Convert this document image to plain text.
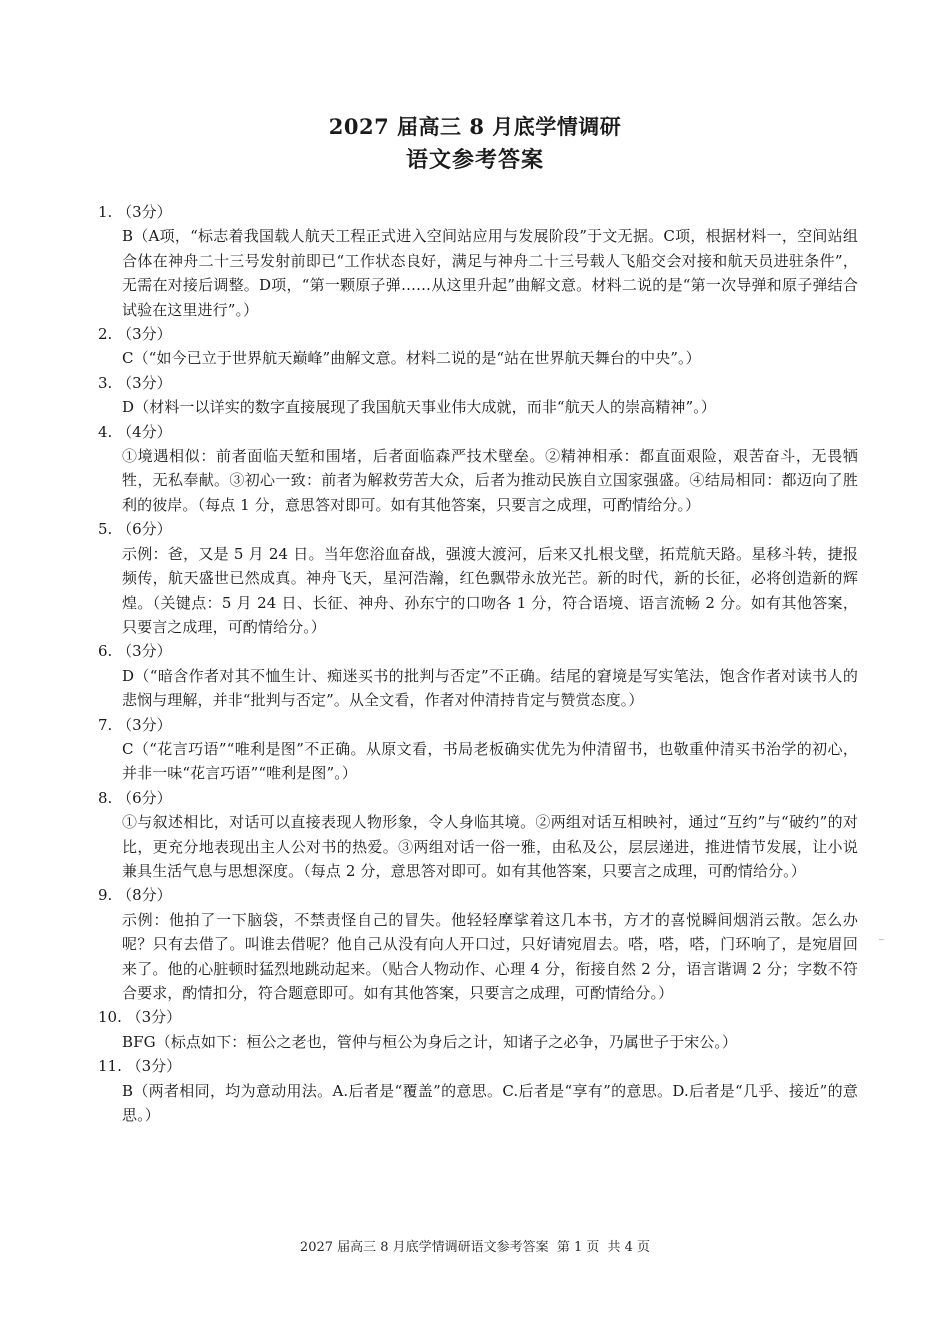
2027 届高三 8 月底学情调研
语文参考答案

1. （3分）

B（A项，“标志着我国载人航天工程正式进入空间站应用与发展阶段”于文无据。C项，根据材料一，空间站组合体在神舟二十三号发射前即已“工作状态良好，满足与神舟二十三号载人飞船交会对接和航天员进驻条件”，无需在对接后调整。D项，“第一颗原子弹……从这里升起”曲解文意。材料二说的是“第一次导弹和原子弹结合试验在这里进行”。）

2. （3分）

C（“如今已立于世界航天巅峰”曲解文意。材料二说的是“站在世界航天舞台的中央”。）

3. （3分）

D（材料一以详实的数字直接展现了我国航天事业伟大成就，而非“航天人的崇高精神”。）

4. （4分）

①境遇相似：前者面临天堑和围堵，后者面临森严技术壁垒。②精神相承：都直面艰险，艰苦奋斗，无畏牺牲，无私奉献。③初心一致：前者为解救劳苦大众，后者为推动民族自立国家强盛。④结局相同：都迈向了胜利的彼岸。（每点 1 分，意思答对即可。如有其他答案，只要言之成理，可酌情给分。）

5. （6分）

示例：爸，又是 5 月 24 日。当年您浴血奋战，强渡大渡河，后来又扎根戈壁，拓荒航天路。星移斗转，捷报频传，航天盛世已然成真。神舟飞天，星河浩瀚，红色飘带永放光芒。新的时代，新的长征，必将创造新的辉煌。（关键点：5 月 24 日、长征、神舟、孙东宁的口吻各 1 分，符合语境、语言流畅 2 分。如有其他答案，只要言之成理，可酌情给分。）

6. （3分）

D（“暗含作者对其不恤生计、痴迷买书的批判与否定”不正确。结尾的窘境是写实笔法，饱含作者对读书人的悲悯与理解，并非“批判与否定”。从全文看，作者对仲清持肯定与赞赏态度。）

7. （3分）

C（“花言巧语”“唯利是图”不正确。从原文看，书局老板确实优先为仲清留书，也敬重仲清买书治学的初心，并非一味“花言巧语”“唯利是图”。）

8. （6分）

①与叙述相比，对话可以直接表现人物形象，令人身临其境。②两组对话互相映衬，通过“互约”与“破约”的对比，更充分地表现出主人公对书的热爱。③两组对话一俗一雅，由私及公，层层递进，推进情节发展，让小说兼具生活气息与思想深度。（每点 2 分，意思答对即可。如有其他答案，只要言之成理，可酌情给分。）

9. （8分）

示例：他拍了一下脑袋，不禁责怪自己的冒失。他轻轻摩挲着这几本书，方才的喜悦瞬间烟消云散。怎么办呢？只有去借了。叫谁去借呢？他自己从没有向人开口过，只好请宛眉去。嗒，嗒，嗒，门环响了，是宛眉回来了。他的心脏顿时猛烈地跳动起来。（贴合人物动作、心理 4 分，衔接自然 2 分，语言谐调 2 分；字数不符合要求，酌情扣分，符合题意即可。如有其他答案，只要言之成理，可酌情给分。）

10. （3分）

BFG（标点如下：桓公之老也，管仲与桓公为身后之计，知诸子之必争，乃属世子于宋公。）

11. （3分）

B（两者相同，均为意动用法。A.后者是“覆盖”的意思。C.后者是“享有”的意思。D.后者是“几乎、接近”的意思。）

2027 届高三 8 月底学情调研语文参考答案 第 1 页 共 4 页
∽
